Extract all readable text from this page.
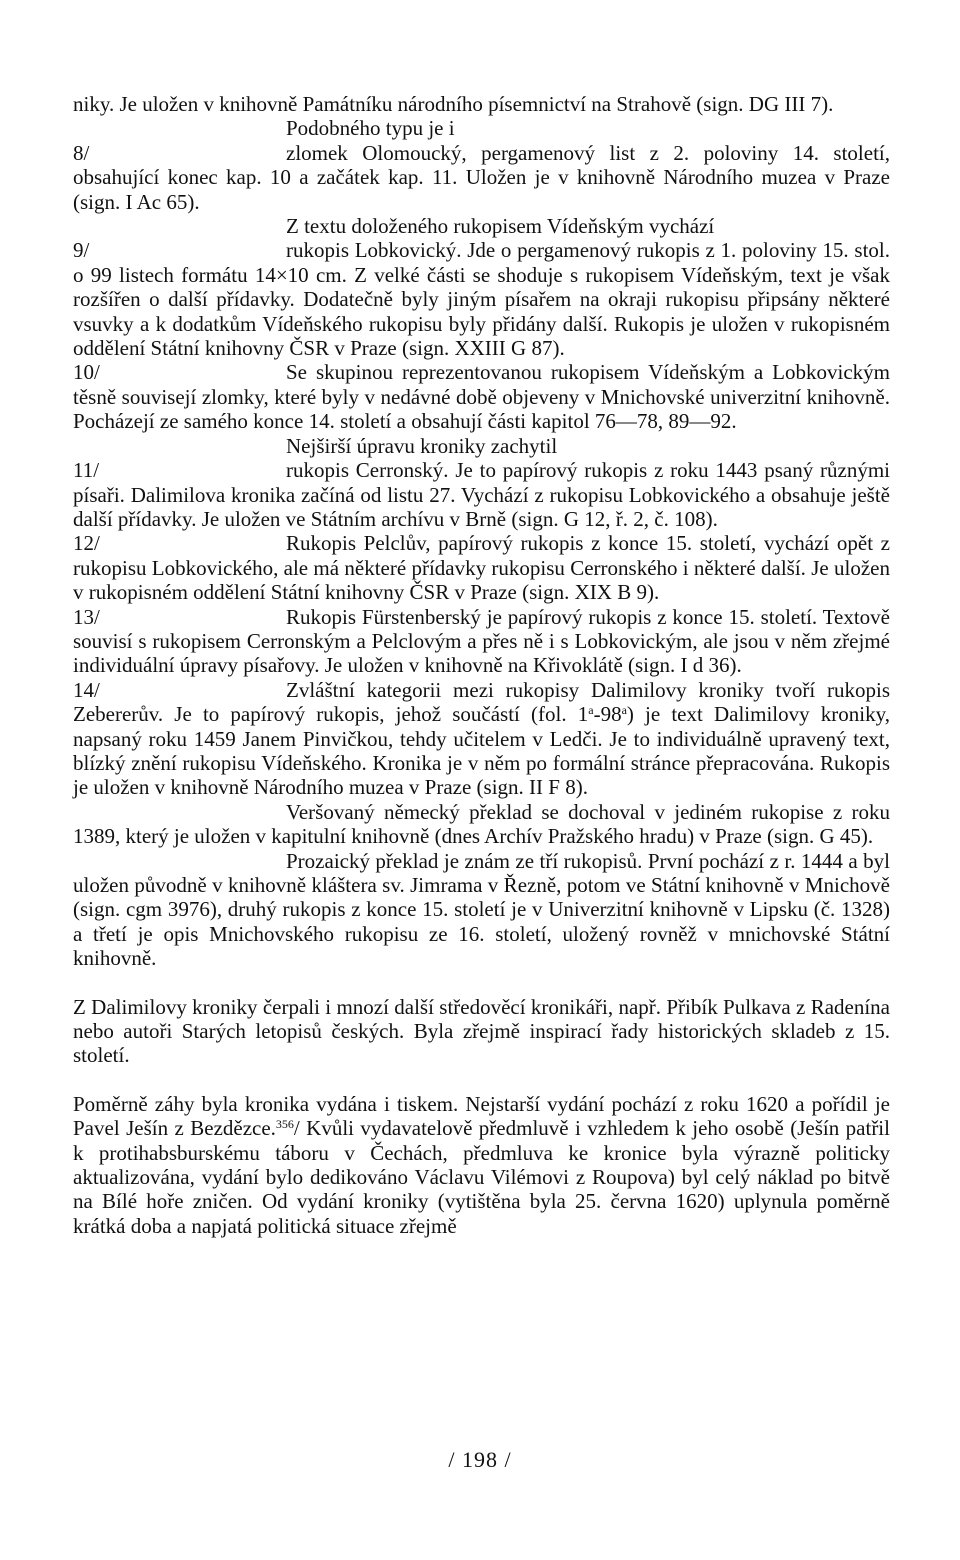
niky. Je uložen v knihovně Památníku národního písemnictví na Strahově (sign. DG III 7).

Podobného typu je i

8/	zlomek Olomoucký, pergamenový list z 2. poloviny 14. století, obsahující konec kap. 10 a začátek kap. 11. Uložen je v knihovně Národního muzea v Praze (sign. I Ac 65).

Z textu doloženého rukopisem Vídeňským vychází

9/	rukopis Lobkovický. Jde o pergamenový rukopis z 1. poloviny 15. stol. o 99 listech formátu 14×10 cm. Z velké části se shoduje s rukopisem Vídeňským, text je však rozšířen o další přídavky. Dodatečně byly jiným písařem na okraji rukopisu připsány některé vsuvky a k dodatkům Vídeňského rukopisu byly přidány další. Rukopis je uložen v rukopisném oddělení Státní knihovny ČSR v Praze (sign. XXIII G 87).

10/	Se skupinou reprezentovanou rukopisem Vídeňským a Lobkovickým těsně souvisejí zlomky, které byly v nedávné době objeveny v Mnichovské univerzitní knihovně. Pocházejí ze samého konce 14. století a obsahují části kapitol 76—78, 89—92.

Nejširší úpravu kroniky zachytil

11/	rukopis Cerronský. Je to papírový rukopis z roku 1443 psaný různými písaři. Dalimilova kronika začíná od listu 27. Vychází z rukopisu Lobkovického a obsahuje ještě další přídavky. Je uložen ve Státním archívu v Brně (sign. G 12, ř. 2, č. 108).

12/	Rukopis Pelclův, papírový rukopis z konce 15. století, vychází opět z rukopisu Lobkovického, ale má některé přídavky rukopisu Cerronského i některé další. Je uložen v rukopisném oddělení Státní knihovny ČSR v Praze (sign. XIX B 9).

13/	Rukopis Fürstenberský je papírový rukopis z konce 15. století. Textově souvisí s rukopisem Cerronským a Pelclovým a přes ně i s Lobkovickým, ale jsou v něm zřejmé individuální úpravy písařovy. Je uložen v knihovně na Křivoklátě (sign. I d 36).

14/	Zvláštní kategorii mezi rukopisy Dalimilovy kroniky tvoří rukopis Zebererův. Je to papírový rukopis, jehož součástí (fol. 1$^a$-98$^a$) je text Dalimilovy kroniky, napsaný roku 1459 Janem Pinvičkou, tehdy učitelem v Ledči. Je to individuálně upravený text, blízký znění rukopisu Vídeňského. Kronika je v něm po formální stránce přepracována. Rukopis je uložen v knihovně Národního muzea v Praze (sign. II F 8).

Veršovaný německý překlad se dochoval v jediném rukopise z roku 1389, který je uložen v kapitulní knihovně (dnes Archív Pražského hradu) v Praze (sign. G 45).

Prozaický překlad je znám ze tří rukopisů. První pochází z r. 1444 a byl uložen původně v knihovně kláštera sv. Jimrama v Řezně, potom ve Státní knihovně v Mnichově (sign. cgm 3976), druhý rukopis z konce 15. století je v Univerzitní knihovně v Lipsku (č. 1328) a třetí je opis Mnichovského rukopisu ze 16. století, uložený rovněž v mnichovské Státní knihovně.

Z Dalimilovy kroniky čerpali i mnozí další středověcí kronikáři, např. Přibík Pulkava z Radenína nebo autoři Starých letopisů českých. Byla zřejmě inspirací řady historických skladeb z 15. století.

Poměrně záhy byla kronika vydána i tiskem. Nejstarší vydání pochází z roku 1620 a pořídil je Pavel Ješín z Bezdězce.$^{356}$/ Kvůli vydavatelově předmluvě i vzhledem k jeho osobě (Ješín patřil k protihabsburskému táboru v Čechách, předmluva ke kronice byla výrazně politicky aktualizována, vydání bylo dedikováno Václavu Vilémovi z Roupova) byl celý náklad po bitvě na Bílé hoře zničen. Od vydání kroniky (vytištěna byla 25. června 1620) uplynula poměrně krátká doba a napjatá politická situace zřejmě

/ 198 /
